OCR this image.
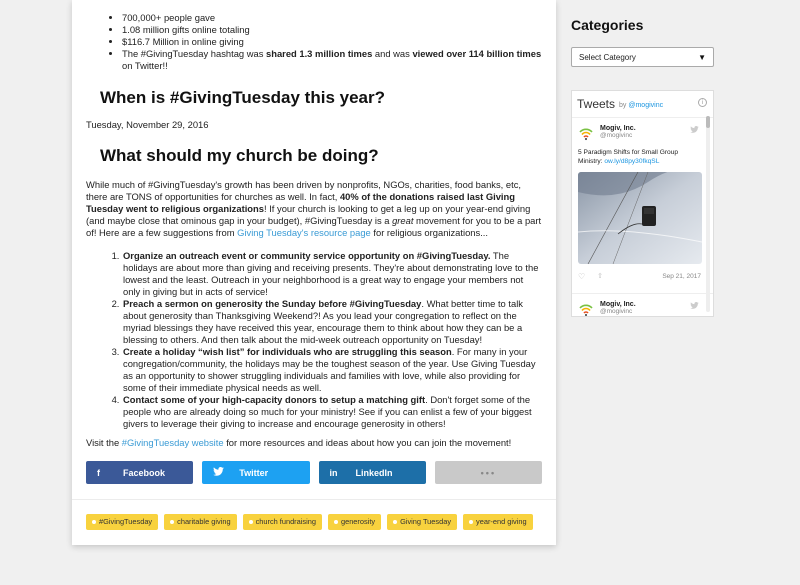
• 700,000+ people gave
• 1.08 million gifts online totaling
• $116.7 Million in online giving
• The #GivingTuesday hashtag was shared 1.3 million times and was viewed over 114 billion times on Twitter!!
When is #GivingTuesday this year?

Tuesday, November 29, 2016

What should my church be doing?

While much of #GivingTuesday's growth has been driven by nonprofits, NGOs, charities, food banks, etc, there are TONS of opportunities for churches as well. In fact, 40% of the donations raised last Giving Tuesday went to religious organizations! If your church is looking to get a leg up on your year-end giving (and maybe close that ominous gap in your budget), #GivingTuesday is a great movement for you to be a part of! Here are a few suggestions from Giving Tuesday's resource page for religious organizations...

1. Organize an outreach event or community service opportunity on #GivingTuesday. The holidays are about more than giving and receiving presents. They're about demonstrating love to the lowest and the least. Outreach in your neighborhood is a great way to engage your members not only in giving but in acts of service!
2. Preach a sermon on generosity the Sunday before #GivingTuesday. What better time to talk about generosity than Thanksgiving Weekend?! As you lead your congregation to reflect on the myriad blessings they have received this year, encourage them to think about how they can be a blessing to others. And then talk about the mid-week outreach opportunity on Tuesday!
3. Create a holiday “wish list” for individuals who are struggling this season. For many in your congregation/community, the holidays may be the toughest season of the year. Use Giving Tuesday as an opportunity to shower struggling individuals and families with love, while also providing for some of their immediate physical needs as well.
4. Contact some of your high-capacity donors to setup a matching gift. Don't forget some of the people who are already doing so much for your ministry! See if you can enlist a few of your biggest givers to leverage their giving to increase and encourage generosity in others!

Visit the #GivingTuesday website for more resources and ideas about how you can join the movement!

f	Facebook	Twitter	in	LinkedIn	•••
#GivingTuesday	charitable giving	church fundraising	generosity	Giving Tuesday	year-end giving
Categories
Select Category	▼
Tweets by @mogivinc	i
Mogiv, Inc.
@mogivinc
5 Paradigm Shifts for Small Group Ministry: ow.ly/d8py30fkqSL
♡ ⇧	Sep 21, 2017
Mogiv, Inc.
@mogivinc
